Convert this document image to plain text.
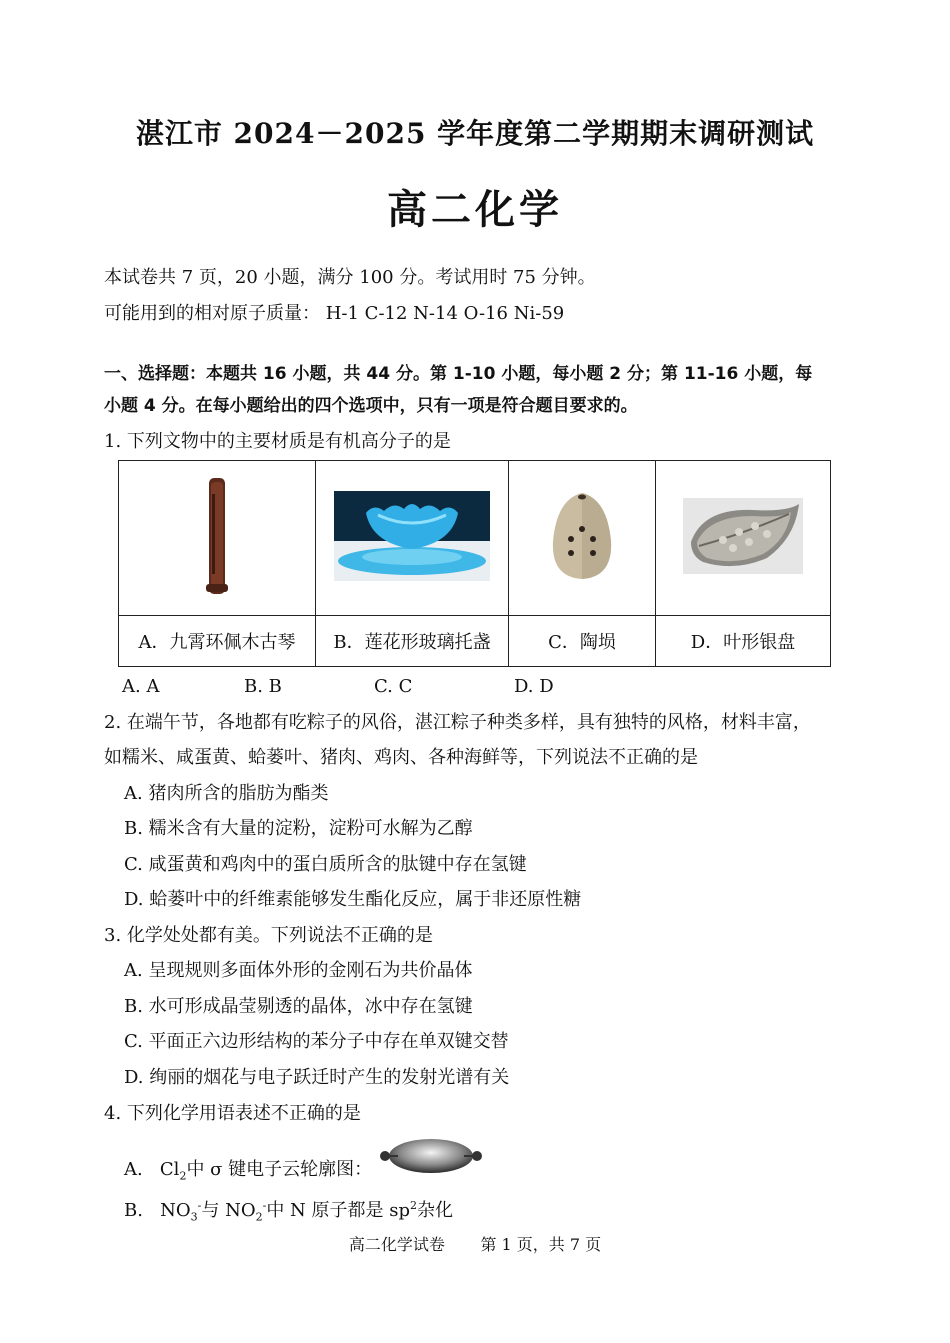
湛江市 2024－2025 学年度第二学期期末调研测试
高二化学
本试卷共 7 页，20 小题，满分 100 分。考试用时 75 分钟。
可能用到的相对原子质量： H-1 C-12 N-14 O-16 Ni-59
一、选择题：本题共 16 小题，共 44 分。第 1-10 小题，每小题 2 分；第 11-16 小题，每
小题 4 分。在每小题给出的四个选项中，只有一项是符合题目要求的。
1. 下列文物中的主要材质是有机高分子的是

A．九霄环佩木古琴	B．莲花形玻璃托盏	C．陶埙	D．叶形银盘
A. A	B. B	C. C	D. D
2. 在端午节，各地都有吃粽子的风俗，湛江粽子种类多样，具有独特的风格，材料丰富，
如糯米、咸蛋黄、蛤蒌叶、猪肉、鸡肉、各种海鲜等，下列说法不正确的是
A. 猪肉所含的脂肪为酯类
B. 糯米含有大量的淀粉，淀粉可水解为乙醇
C. 咸蛋黄和鸡肉中的蛋白质所含的肽键中存在氢键
D. 蛤蒌叶中的纤维素能够发生酯化反应，属于非还原性糖
3. 化学处处都有美。下列说法不正确的是
A. 呈现规则多面体外形的金刚石为共价晶体
B. 水可形成晶莹剔透的晶体，冰中存在氢键
C. 平面正六边形结构的苯分子中存在单双键交替
D. 绚丽的烟花与电子跃迁时产生的发射光谱有关
4. 下列化学用语表述不正确的是
A. $Cl_2$中 σ 键电子云轮廓图：
B. $NO_3^-$与 $NO_2^-$中 N 原子都是 $sp^2$杂化
高二化学试卷 第 1 页，共 7 页
